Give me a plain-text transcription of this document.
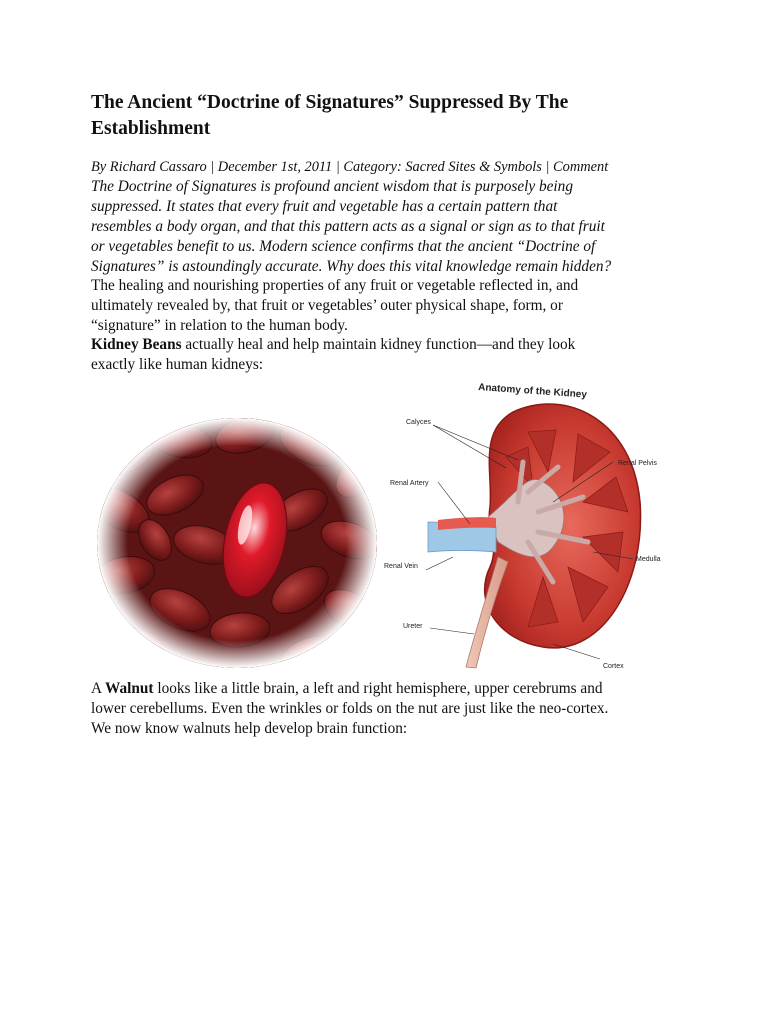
The Ancient “Doctrine of Signatures” Suppressed By The Establishment
By Richard Cassaro | December 1st, 2011 | Category: Sacred Sites & Symbols | Comment

The Doctrine of Signatures is profound ancient wisdom that is purposely being
suppressed. It states that every fruit and vegetable has a certain pattern that
resembles a body organ, and that this pattern acts as a signal or sign as to that fruit
or vegetables benefit to us. Modern science confirms that the ancient “Doctrine of
Signatures” is astoundingly accurate. Why does this vital knowledge remain hidden?

The healing and nourishing properties of any fruit or vegetable reflected in, and
ultimately revealed by, that fruit or vegetables’ outer physical shape, form, or
“signature” in relation to the human body.

Kidney Beans actually heal and help maintain kidney function—and they look
exactly like human kidneys:

Anatomy of the Kidney
Calyces
Renal Pelvis
Renal Artery
Medulla
Renal Vein
Ureter
Cortex

A Walnut looks like a little brain, a left and right hemisphere, upper cerebrums and
lower cerebellums. Even the wrinkles or folds on the nut are just like the neo-cortex.
We now know walnuts help develop brain function:
